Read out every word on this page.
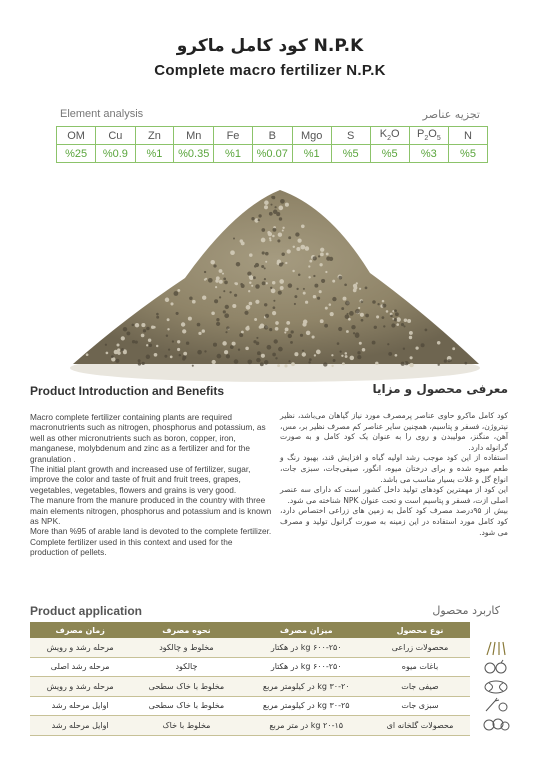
کود کامل ماکرو N.P.K
Complete macro fertilizer N.P.K
Element analysis	تجزیه عناصر
OM	Cu	Zn	Mn	Fe	B	Mgo	S	$K_2O$	$P_2O_5$	N
%25	%0.9	%1	%0.35	%1	%0.07	%1	%5	%5	%3	%5
Product Introduction and Benefits	معرفی محصول و مزایا

Macro complete fertilizer containing plants are required macronutrients such as nitrogen, phosphorus and potassium, as well as other micronutrients such as boron, copper, iron, manganese, molybdenum and zinc as a fertilizer and for the granulation .

The initial plant growth and increased use of fertilizer, sugar, improve the color and taste of fruit and fruit trees, grapes, vegetables, vegetables, flowers and grains is very good.

The manure from the manure produced in the country with three main elements nitrogen, phosphorus and potassium and is known as NPK.

More than %95 of arable land is devoted to the complete fertilizer. Complete fertilizer used in this context and used for the production of pellets.

کود کامل ماکرو حاوی عناصر پرمصرف مورد نیاز گیاهان می‌باشد، نظیر نیتروژن، فسفر و پتاسیم، همچنین سایر عناصر کم مصرف نظیر بر، مس، آهن، منگنز، مولیبدن و روی را به عنوان یک کود کامل و به صورت گرانوله دارد.

استفاده از این کود موجب رشد اولیه گیاه و افزایش قند، بهبود رنگ و طعم میوه شده و برای درختان میوه، انگور، صیفی‌جات، سبزی جات، انواع گل و غلات بسیار مناسب می باشد.

این کود از مهمترین کودهای تولید داخل کشور است که دارای سه عنصر اصلی ازت، فسفر و پتاسیم است و تحت عنوان NPK شناخته می شود.

بیش از ۹۵درصد مصرف کود کامل به زمین های زراعی اختصاص دارد، کود کامل مورد استفاده در این زمینه به صورت گرانول تولید و مصرف می شود.

Product application	کاربرد محصول
نوع محصول	میزان مصرف	نحوه مصرف	زمان مصرف
محصولات زراعی	kg ۶۰۰-۲۵۰ در هکتار	مخلوط و چالکود	مرحله رشد و رویش
باغات میوه	kg ۶۰۰-۲۵۰ در هکتار	چالکود	مرحله رشد اصلی
صیفی جات	kg ۳۰-۲۰ در کیلومتر مربع	مخلوط با خاک سطحی	مرحله رشد و رویش
سبزی جات	kg ۳۰-۲۵ در کیلومتر مربع	مخلوط با خاک سطحی	اوایل مرحله رشد
محصولات گلخانه ای	kg ۲۰-۱۵ در متر مربع	مخلوط با خاک	اوایل مرحله رشد
